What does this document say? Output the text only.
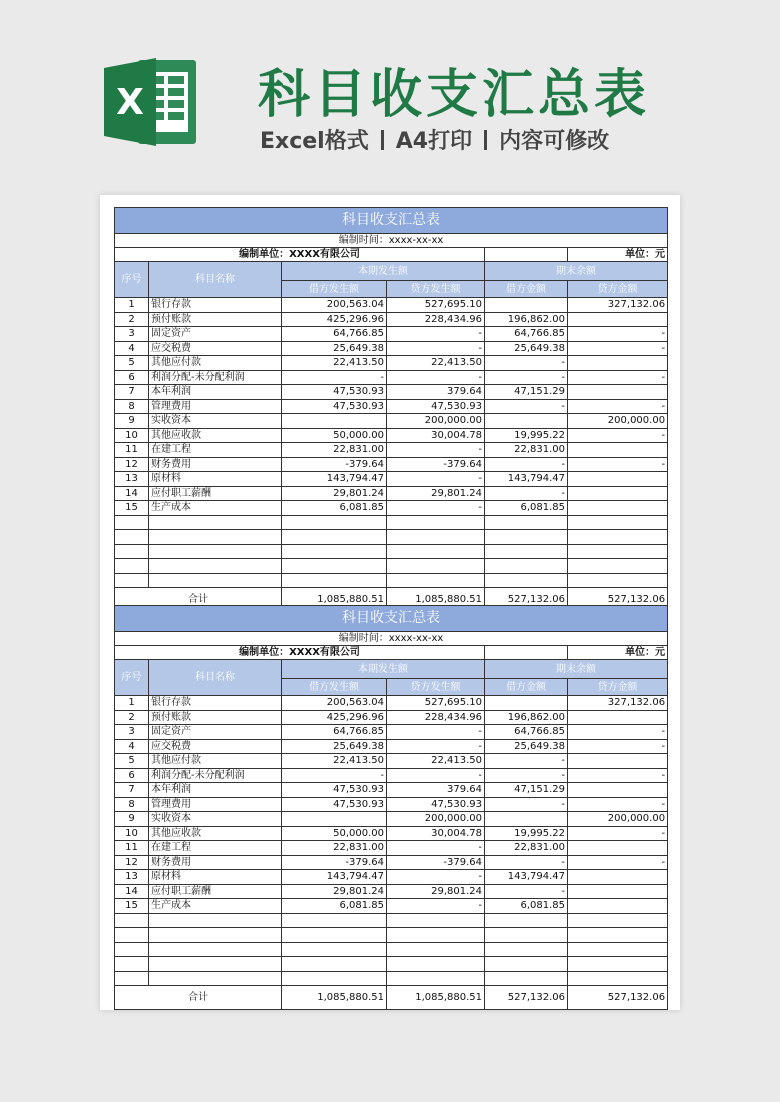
X 科目收支汇总表
Excel格式 A4打印 内容可修改
科目收支汇总表					
编制时间：xxxx-xx-xx					
编制单位：XXXX有限公司					单位：元
序号	科目名称	本期发生额		期末余额	
		借方发生额	贷方发生额	借方金额	贷方金额
1	银行存款	200,563.04	527,695.10		327,132.06
2	预付账款	425,296.96	228,434.96	196,862.00	
3	固定资产	64,766.85	-	64,766.85	-
4	应交税费	25,649.38	-	25,649.38	-
5	其他应付款	22,413.50	22,413.50	-	
6	利润分配-未分配利润	-	-	-	-
7	本年利润	47,530.93	379.64	47,151.29	
8	管理费用	47,530.93	47,530.93	-	-
9	实收资本		200,000.00		200,000.00
10	其他应收款	50,000.00	30,004.78	19,995.22	-
11	在建工程	22,831.00	-	22,831.00	
12	财务费用	-379.64	-379.64	-	-
13	原材料	143,794.47	-	143,794.47	
14	应付职工薪酬	29,801.24	29,801.24	-	
15	生产成本	6,081.85	-	6,081.85	

合计		1,085,880.51	1,085,880.51	527,132.06	527,132.06
科目收支汇总表					
编制时间：xxxx-xx-xx					
编制单位：XXXX有限公司					单位：元
序号	科目名称	本期发生额		期末余额	
		借方发生额	贷方发生额	借方金额	贷方金额
1	银行存款	200,563.04	527,695.10		327,132.06
2	预付账款	425,296.96	228,434.96	196,862.00	
3	固定资产	64,766.85	-	64,766.85	-
4	应交税费	25,649.38	-	25,649.38	-
5	其他应付款	22,413.50	22,413.50	-	
6	利润分配-未分配利润	-	-	-	-
7	本年利润	47,530.93	379.64	47,151.29	
8	管理费用	47,530.93	47,530.93	-	-
9	实收资本		200,000.00		200,000.00
10	其他应收款	50,000.00	30,004.78	19,995.22	-
11	在建工程	22,831.00	-	22,831.00	
12	财务费用	-379.64	-379.64	-	-
13	原材料	143,794.47	-	143,794.47	
14	应付职工薪酬	29,801.24	29,801.24	-	
15	生产成本	6,081.85	-	6,081.85	

合计		1,085,880.51	1,085,880.51	527,132.06	527,132.06
